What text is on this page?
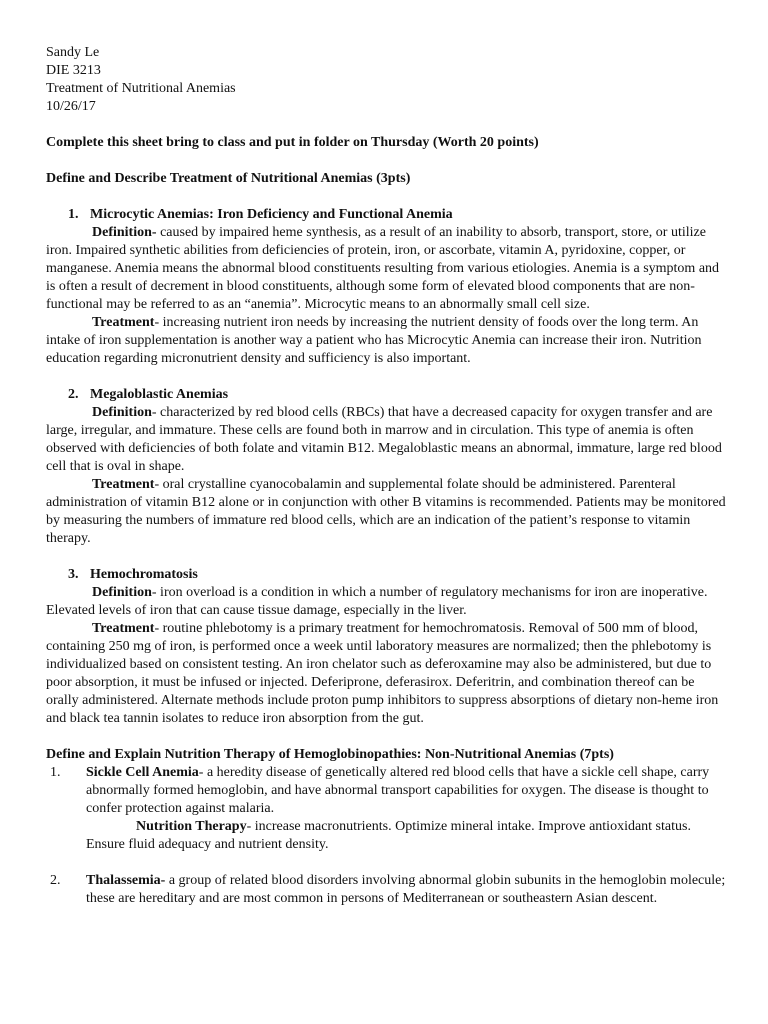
Sandy Le
DIE 3213
Treatment of Nutritional Anemias
10/26/17

Complete this sheet bring to class and put in folder on Thursday (Worth 20 points)

Define and Describe Treatment of Nutritional Anemias (3pts)

1. Microcytic Anemias: Iron Deficiency and Functional Anemia

Definition- caused by impaired heme synthesis, as a result of an inability to absorb, transport, store, or utilize iron. Impaired synthetic abilities from deficiencies of protein, iron, or ascorbate, vitamin A, pyridoxine, copper, or manganese. Anemia means the abnormal blood constituents resulting from various etiologies. Anemia is a symptom and is often a result of decrement in blood constituents, although some form of elevated blood components that are non-functional may be referred to as an “anemia”. Microcytic means to an abnormally small cell size.

Treatment- increasing nutrient iron needs by increasing the nutrient density of foods over the long term. An intake of iron supplementation is another way a patient who has Microcytic Anemia can increase their iron. Nutrition education regarding micronutrient density and sufficiency is also important.

2. Megaloblastic Anemias

Definition- characterized by red blood cells (RBCs) that have a decreased capacity for oxygen transfer and are large, irregular, and immature. These cells are found both in marrow and in circulation. This type of anemia is often observed with deficiencies of both folate and vitamin B12. Megaloblastic means an abnormal, immature, large red blood cell that is oval in shape.

Treatment- oral crystalline cyanocobalamin and supplemental folate should be administered. Parenteral administration of vitamin B12 alone or in conjunction with other B vitamins is recommended. Patients may be monitored by measuring the numbers of immature red blood cells, which are an indication of the patient’s response to vitamin therapy.

3. Hemochromatosis

Definition- iron overload is a condition in which a number of regulatory mechanisms for iron are inoperative. Elevated levels of iron that can cause tissue damage, especially in the liver.

Treatment- routine phlebotomy is a primary treatment for hemochromatosis. Removal of 500 mm of blood, containing 250 mg of iron, is performed once a week until laboratory measures are normalized; then the phlebotomy is individualized based on consistent testing. An iron chelator such as deferoxamine may also be administered, but due to poor absorption, it must be infused or injected. Deferiprone, deferasirox. Deferitrin, and combination thereof can be orally administered. Alternate methods include proton pump inhibitors to suppress absorptions of dietary non-heme iron and black tea tannin isolates to reduce iron absorption from the gut.

Define and Explain Nutrition Therapy of Hemoglobinopathies: Non-Nutritional Anemias (7pts)

1. Sickle Cell Anemia- a heredity disease of genetically altered red blood cells that have a sickle cell shape, carry abnormally formed hemoglobin, and have abnormal transport capabilities for oxygen. The disease is thought to confer protection against malaria.

Nutrition Therapy- increase macronutrients. Optimize mineral intake. Improve antioxidant status. Ensure fluid adequacy and nutrient density.

2. Thalassemia- a group of related blood disorders involving abnormal globin subunits in the hemoglobin molecule; these are hereditary and are most common in persons of Mediterranean or southeastern Asian descent.
